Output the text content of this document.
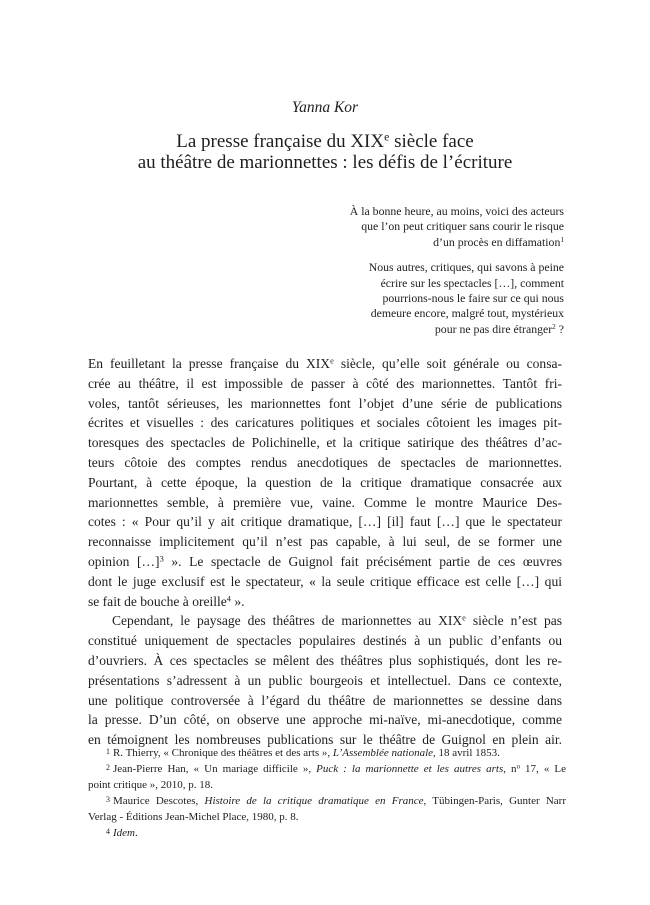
Yanna Kor
La presse française du XIXe siècle face
au théâtre de marionnettes : les défis de l’écriture
À la bonne heure, au moins, voici des acteurs
que l’on peut critiquer sans courir le risque
d’un procès en diffamation$^1$
Nous autres, critiques, qui savons à peine
écrire sur les spectacles […], comment
pourrions-nous le faire sur ce qui nous
demeure encore, malgré tout, mystérieux
pour ne pas dire étranger$^2$ ?
En feuilletant la presse française du XIXe siècle, qu’elle soit générale ou consa-
crée au théâtre, il est impossible de passer à côté des marionnettes. Tantôt fri-
voles, tantôt sérieuses, les marionnettes font l’objet d’une série de publications
écrites et visuelles : des caricatures politiques et sociales côtoient les images pit-
toresques des spectacles de Polichinelle, et la critique satirique des théâtres d’ac-
teurs côtoie des comptes rendus anecdotiques de spectacles de marionnettes.
Pourtant, à cette époque, la question de la critique dramatique consacrée aux
marionnettes semble, à première vue, vaine. Comme le montre Maurice Des-
cotes : « Pour qu’il y ait critique dramatique, […] [il] faut […] que le spectateur
reconnaisse implicitement qu’il n’est pas capable, à lui seul, de se former une
opinion […]$^3$ ». Le spectacle de Guignol fait précisément partie de ces œuvres
dont le juge exclusif est le spectateur, « la seule critique efficace est celle […] qui
se fait de bouche à oreille$^4$ ».
Cependant, le paysage des théâtres de marionnettes au XIXe siècle n’est pas
constitué uniquement de spectacles populaires destinés à un public d’enfants ou
d’ouvriers. À ces spectacles se mêlent des théâtres plus sophistiqués, dont les re-
présentations s’adressent à un public bourgeois et intellectuel. Dans ce contexte,
une politique controversée à l’égard du théâtre de marionnettes se dessine dans
la presse. D’un côté, on observe une approche mi-naïve, mi-anecdotique, comme
en témoignent les nombreuses publications sur le théâtre de Guignol en plein air.
$^1$ R. Thierry, « Chronique des théâtres et des arts », L’Assemblée nationale, 18 avril 1853.
$^2$ Jean-Pierre Han, « Un mariage difficile », Puck : la marionnette et les autres arts, $n^o$ 17, « Le
point critique », 2010, p. 18.
$^3$ Maurice Descotes, Histoire de la critique dramatique en France, Tübingen-Paris, Gunter Narr
Verlag - Éditions Jean-Michel Place, 1980, p. 8.
$^4$ Idem.
